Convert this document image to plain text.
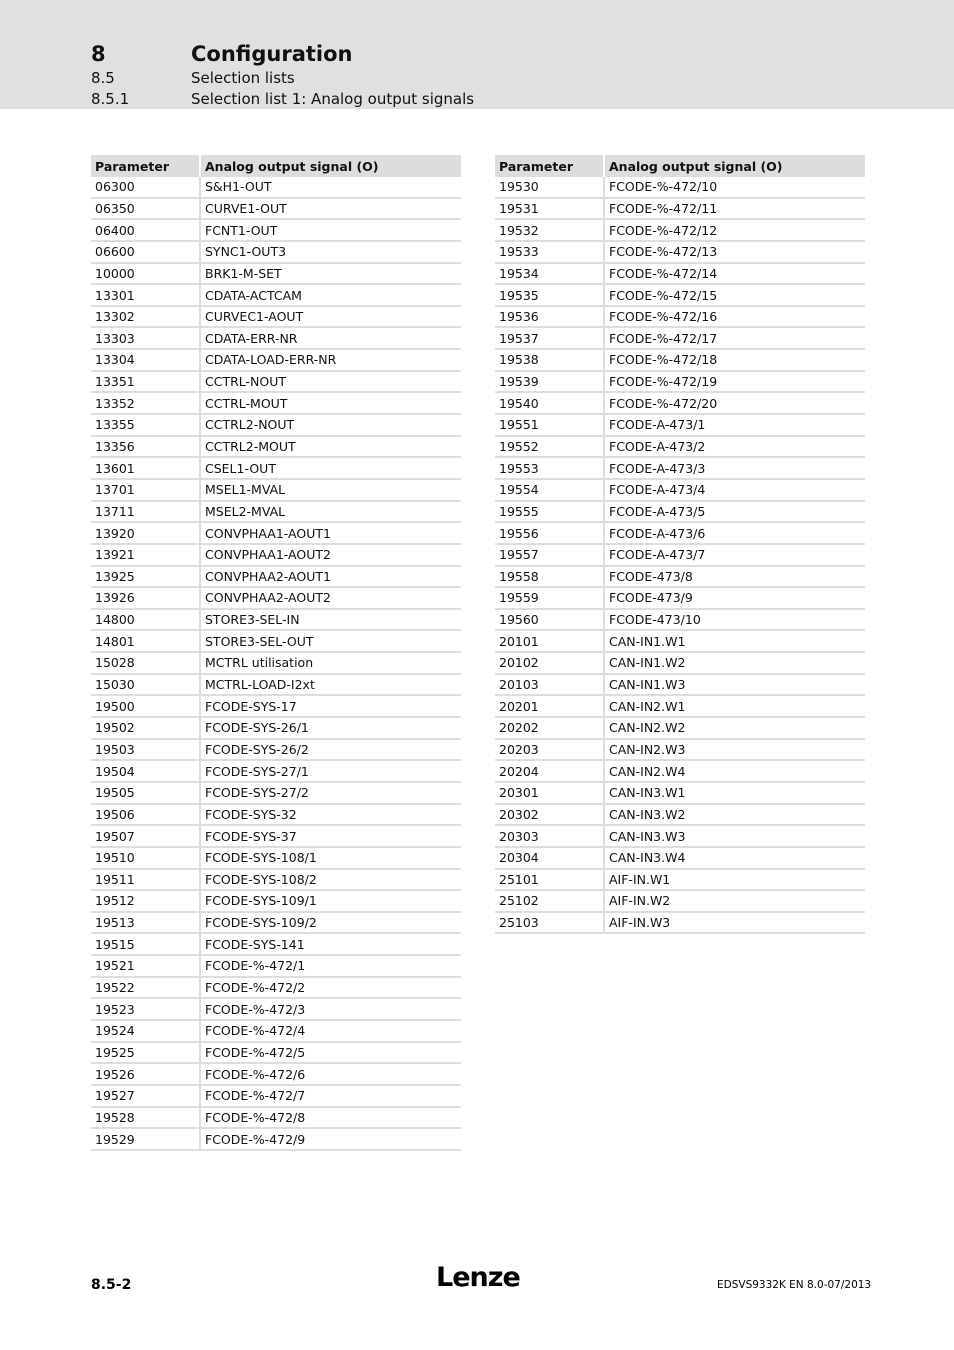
8	Configuration
8.5	Selection lists
8.5.1	Selection list 1: Analog output signals
Parameter	Analog output signal (O)
06300	S&H1-OUT
06350	CURVE1-OUT
06400	FCNT1-OUT
06600	SYNC1-OUT3
10000	BRK1-M-SET
13301	CDATA-ACTCAM
13302	CURVEC1-AOUT
13303	CDATA-ERR-NR
13304	CDATA-LOAD-ERR-NR
13351	CCTRL-NOUT
13352	CCTRL-MOUT
13355	CCTRL2-NOUT
13356	CCTRL2-MOUT
13601	CSEL1-OUT
13701	MSEL1-MVAL
13711	MSEL2-MVAL
13920	CONVPHAA1-AOUT1
13921	CONVPHAA1-AOUT2
13925	CONVPHAA2-AOUT1
13926	CONVPHAA2-AOUT2
14800	STORE3-SEL-IN
14801	STORE3-SEL-OUT
15028	MCTRL utilisation
15030	MCTRL-LOAD-I2xt
19500	FCODE-SYS-17
19502	FCODE-SYS-26/1
19503	FCODE-SYS-26/2
19504	FCODE-SYS-27/1
19505	FCODE-SYS-27/2
19506	FCODE-SYS-32
19507	FCODE-SYS-37
19510	FCODE-SYS-108/1
19511	FCODE-SYS-108/2
19512	FCODE-SYS-109/1
19513	FCODE-SYS-109/2
19515	FCODE-SYS-141
19521	FCODE-%-472/1
19522	FCODE-%-472/2
19523	FCODE-%-472/3
19524	FCODE-%-472/4
19525	FCODE-%-472/5
19526	FCODE-%-472/6
19527	FCODE-%-472/7
19528	FCODE-%-472/8
19529	FCODE-%-472/9
Parameter	Analog output signal (O)
19530	FCODE-%-472/10
19531	FCODE-%-472/11
19532	FCODE-%-472/12
19533	FCODE-%-472/13
19534	FCODE-%-472/14
19535	FCODE-%-472/15
19536	FCODE-%-472/16
19537	FCODE-%-472/17
19538	FCODE-%-472/18
19539	FCODE-%-472/19
19540	FCODE-%-472/20
19551	FCODE-A-473/1
19552	FCODE-A-473/2
19553	FCODE-A-473/3
19554	FCODE-A-473/4
19555	FCODE-A-473/5
19556	FCODE-A-473/6
19557	FCODE-A-473/7
19558	FCODE-473/8
19559	FCODE-473/9
19560	FCODE-473/10
20101	CAN-IN1.W1
20102	CAN-IN1.W2
20103	CAN-IN1.W3
20201	CAN-IN2.W1
20202	CAN-IN2.W2
20203	CAN-IN2.W3
20204	CAN-IN2.W4
20301	CAN-IN3.W1
20302	CAN-IN3.W2
20303	CAN-IN3.W3
20304	CAN-IN3.W4
25101	AIF-IN.W1
25102	AIF-IN.W2
25103	AIF-IN.W3
8.5-2	Lenze	EDSVS9332K EN 8.0-07/2013
